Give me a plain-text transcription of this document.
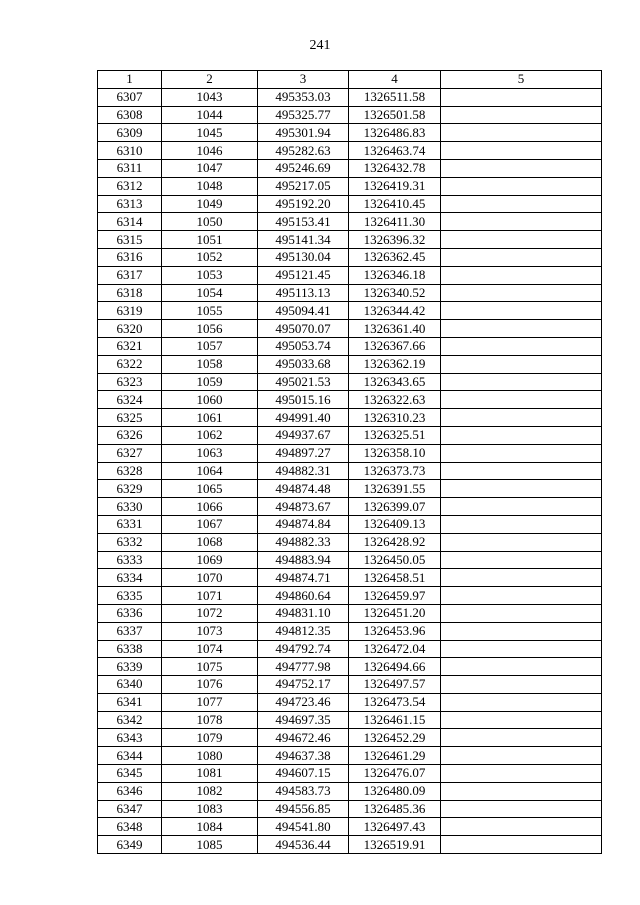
241
1	2	3	4	5
6307	1043	495353.03	1326511.58	
6308	1044	495325.77	1326501.58	
6309	1045	495301.94	1326486.83	
6310	1046	495282.63	1326463.74	
6311	1047	495246.69	1326432.78	
6312	1048	495217.05	1326419.31	
6313	1049	495192.20	1326410.45	
6314	1050	495153.41	1326411.30	
6315	1051	495141.34	1326396.32	
6316	1052	495130.04	1326362.45	
6317	1053	495121.45	1326346.18	
6318	1054	495113.13	1326340.52	
6319	1055	495094.41	1326344.42	
6320	1056	495070.07	1326361.40	
6321	1057	495053.74	1326367.66	
6322	1058	495033.68	1326362.19	
6323	1059	495021.53	1326343.65	
6324	1060	495015.16	1326322.63	
6325	1061	494991.40	1326310.23	
6326	1062	494937.67	1326325.51	
6327	1063	494897.27	1326358.10	
6328	1064	494882.31	1326373.73	
6329	1065	494874.48	1326391.55	
6330	1066	494873.67	1326399.07	
6331	1067	494874.84	1326409.13	
6332	1068	494882.33	1326428.92	
6333	1069	494883.94	1326450.05	
6334	1070	494874.71	1326458.51	
6335	1071	494860.64	1326459.97	
6336	1072	494831.10	1326451.20	
6337	1073	494812.35	1326453.96	
6338	1074	494792.74	1326472.04	
6339	1075	494777.98	1326494.66	
6340	1076	494752.17	1326497.57	
6341	1077	494723.46	1326473.54	
6342	1078	494697.35	1326461.15	
6343	1079	494672.46	1326452.29	
6344	1080	494637.38	1326461.29	
6345	1081	494607.15	1326476.07	
6346	1082	494583.73	1326480.09	
6347	1083	494556.85	1326485.36	
6348	1084	494541.80	1326497.43	
6349	1085	494536.44	1326519.91	
